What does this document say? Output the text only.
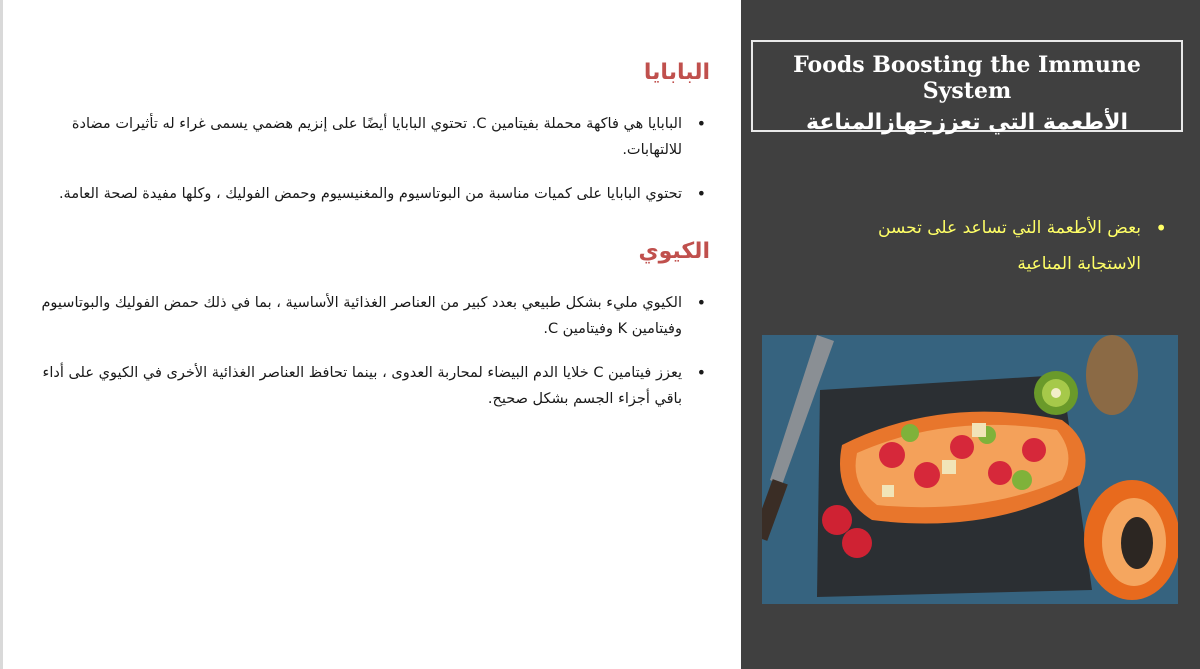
البابايا
• البابايا هي فاكهة محملة بفيتامين C. تحتوي البابايا أيضًا على إنزيم هضمي يسمى غراء له تأثيرات مضادة للالتهابات.
• تحتوي البابايا على كميات مناسبة من البوتاسيوم والمغنيسيوم وحمض الفوليك ، وكلها مفيدة لصحة العامة.
الكيوي
• الكيوي مليء بشكل طبيعي بعدد كبير من العناصر الغذائية الأساسية ، بما في ذلك حمض الفوليك والبوتاسيوم وفيتامين K وفيتامين C.
• يعزز فيتامين C خلايا الدم البيضاء لمحاربة العدوى ، بينما تحافظ العناصر الغذائية الأخرى في الكيوي على أداء باقي أجزاء الجسم بشكل صحيح.
Foods Boosting the Immune System
الأطعمة التي تعززجهازالمناعة
•
بعض الأطعمة التي تساعد على تحسن الاستجابة المناعية
